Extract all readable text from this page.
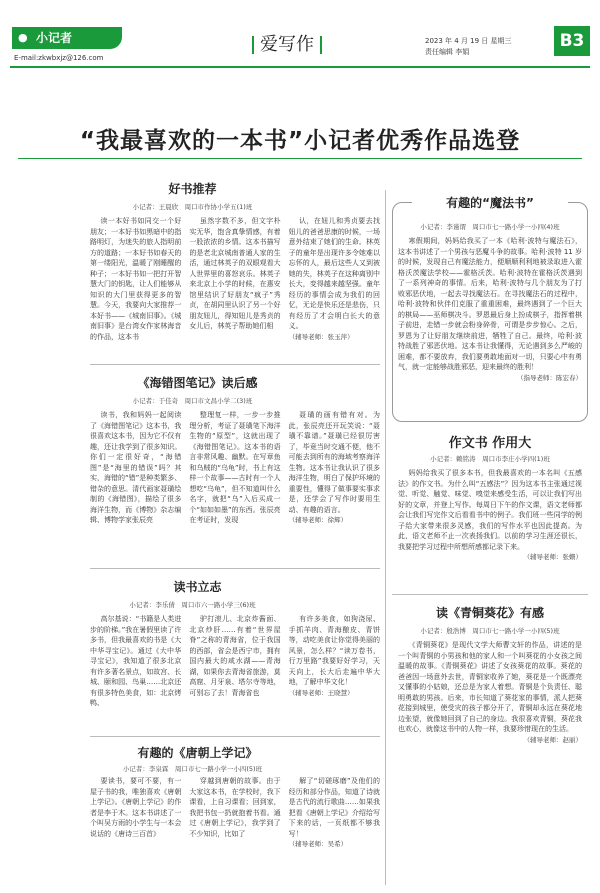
● 小记者
E-mail:zkwbxjz@126.com
爱写作	2023 年 4 月 19 日 星期三
责任编辑 李娟
B3
“我最喜欢的一本书”小记者优秀作品选登
好书推荐
小记者：王晨欣　周口市作协小学五(1)班

读一本好书如同交一个好朋友；一本好书如黑暗中的指路明灯，为迷失的旅人指明前方的道路；一本好书如春天的第一缕阳光，温暖了刚睡醒的种子；一本好书如一把打开智慧大门的钥匙，让人们能够从知识的大门里获得更多的智慧。今天，我要向大家推荐一本好书——《城南旧事》。《城南旧事》是台湾女作家林海音的作品，这本书

虽然字数不多，但文字朴实无华，饱含真挚情感，有着一股浓浓的乡情。这本书描写的是老北京城南普通人家的生活，通过林英子的双眼观看大人世界里的喜怒哀乐。林英子来北京上小学的时候，在惠安馆里结识了好朋友“疯子”秀贞，在胡同里认识了另一个好朋友妞儿，得知妞儿是秀贞的女儿后，林英子帮助她们相

认，在妞儿和秀贞要去找妞儿的爸爸思康的时候，一场意外结束了她们的生命。林英子的童年是出现许多令她难以忘怀的人，最后这些人又到被她的失，林英子在这种离别中长大，变得越来越坚强。童年经历的事情会成为我们的回忆，无论是快乐还是悲伤，只有经历了才会明白长大的意义。
（辅导老师：张玉萍）

《海错图笔记》读后感
小记者：于佳奇　周口市文昌小学二(3)班

读书，我和妈妈一起阅读了《海错图笔记》这本书，我很喜欢这本书，因为它不仅有趣，还让我学到了很多知识。你们一定很好奇，“海错图”是“海里的错误”吗？其实，海错的“错”是种类繁多、错杂的意思。清代画家聂璜绘制的《海错图》，描绘了很多海洋生物，而《博物》杂志编辑、博物学家张辰亮

整理复一样，一步一步推理分析，考证了聂璜笔下海洋生物的“原型”，这就出现了《海错图笔记》。这本书的语言非常风趣、幽默。在写章鱼和乌贼的“乌龟”时，书上有这样一个故事——古时有一个人想吃“乌龟”，但不知道叫什么名字，就把“乌”入后买成一个“如如如墨”的东西。张辰亮在考证时，发现

聂璜的画有错有对。为此，张辰亮还开玩笑说：“聂璜不靠谱。”聂璜已经很厉害了，毕竟当时交通不便，他不可能去到所有的海域考察海洋生物。这本书让我认识了很多海洋生物，明白了保护环境的重要性，懂得了做事要实事求是，还学会了写作时要用生动、有趣的语言。
（辅导老师：徐辉）

读书立志
小记者：李乐倩　周口市六一路小学三(6)班

高尔基说：“书籍是人类进步的阶梯。”我在暑假里读了许多书，但我最喜欢的书是《大中华寻宝记》。通过《大中华寻宝记》，我知道了很多北京有许多著名景点，如故宫、长城、颐和园、鸟巢……北京还有很多特色美食，如：北京烤鸭、

驴打滚儿、北京炸酱面、北京炒肝……有着“世界屋脊”之称的青海省，位于我国的西部，省会是西宁市，拥有国内最大的咸水湖——青海湖，如果你去青海省旅游，莫高窟、月牙泉、塔尔寺等地，可别忘了去！青海省也

有许多美食，如狗浇尿、手抓羊肉、青海酿皮、青饼等，动吃美食让你觉得美丽的风景，怎么样？“读万卷书，行万里路”我要好好学习，天天向上，长大后走遍中华大地，了解中华文化！
（辅导老师：王晓慧）

有趣的《唐朝上学记》
小记者：李泉霖　周口市七一路小学一小四(5)班

要读书，要可不要，有一屋子书的我，唯独喜欢《唐朝上学记》。《唐朝上学记》的作者是李于木。这本书讲述了一个叫吴方雨的小学生与一本会说话的《唐诗三百首》

穿越到唐朝的故事。由于大家这本书，在学校时，我下课看，上自习课看；回到家，我把书包一扔就抱着书看。通过《唐朝上学记》，我学到了不少知识，比如了

解了“切磋琢磨”及他们的经历和部分作品，知道了诗就是古代的流行歌曲……如果我把看《唐朝上学记》介绍给写下来的话，一页纸都不够我写！
（辅导老师：吴希）

有趣的“魔法书”
小记者：李谨谓　周口市七一路小学一小四(4)班

寒假期间，妈妈给我买了一本《哈利·波特与魔法石》，这本书讲述了一个男孩与恶魔斗争的故事。哈利·波特 11 岁的时候，发现自己有魔法能力，便顺顺利利地被录取进入霍格沃茨魔法学校——霍格沃茨。哈利·波特在霍格沃茨遇到了一系列神奇的事情。后来，哈利·波特与几个朋友为了打败邪恶伏地，一起去寻找魔法石。在寻找魔法石的过程中，哈利·波特和伙伴们克服了重重困难，最终遇到了一个巨大的棋局——巫师棋决斗。罗恩最后身上扮成棋子，指挥着棋子前进，走错一步就会粉身碎骨，可谓是步步惊心。之后，罗恩为了让好朋友继续前进，牺牲了自己。最终，哈利·波特战胜了邪恶伏地。这本书让我懂得，无论遇到多么严峻的困难，都不要放弃，我们要勇敢地面对一切，只要心中有勇气，就一定能够战胜邪恶，迎来最终的胜利！

（指导老师：陈宏春）

作文书 作用大
小记者：赖铭涛　周口市李庄小学四(1)班

妈妈给我买了很多本书，但我最喜欢的一本名叫《五感法》的作文书。为什么叫“五感法”？因为这本书主张通过视觉、听觉、触觉、味觉、嗅觉来感受生活，可以让我们写出好的文章，并登上写作。每周日下午的作文课，语文老师都会让我们写完作文后看看书中的例子。我们班一些同学的例子给大家带来很多灵感，我们的写作水平也因此提高。为此，语文老师不止一次表扬我们。以前的学习生涯还很长，我要把学习过程中所想所感都记录下来。

（辅导老师：张姗）

读《青铜葵花》有感
小记者：殷浩博　周口市七一路小学一小四(5)班

《青铜葵花》是现代文学大师曹文轩的作品，讲述的是一个叫青铜的小男孩和他的家人和一个叫葵花的小女孩之间温暖的故事。《青铜葵花》讲述了女孩葵花的故事。葵花的爸爸因一场意外去世，青铜家收养了她，葵花是一个既漂亮又懂事的小姑娘，还总是为家人着想。青铜是个负责任、聪明勇敢的男孩。后来，市长知道了葵花家的事情，派人把葵花接到城里，使受灾的孩子都分开了，青铜却永远在葵花地边张望，就像她回到了自己的身边。我很喜欢青铜，葵花我也欢心，就像这书中的人物一样，我要珍惜现在的生活。

（辅导老师：赵丽）
